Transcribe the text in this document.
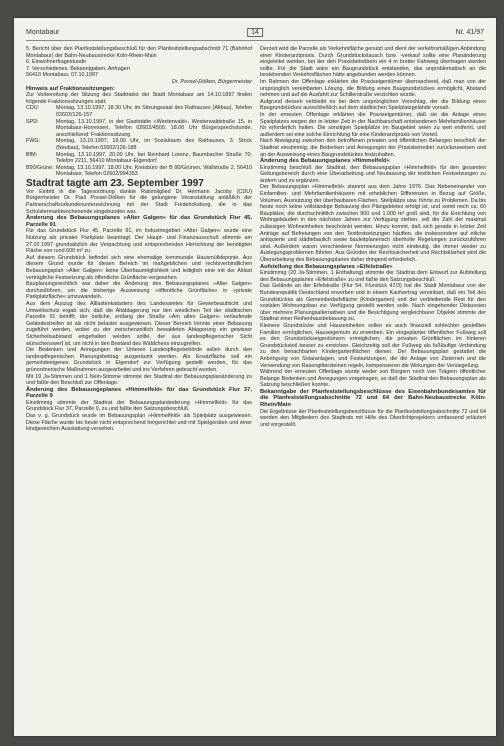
Montabaur	14	Nr. 41/97

5. Bericht über den Planfeststellungsbeschluß für den Planfeststellungsabschnitt 71 (Bahnhof Montabaur) der Bahn-Neubaustrecke Köln-Rhein-Main

6. Einwohnerfragestunde

7. Verschiedenes, Bekanntgaben, Anfragen

56410 Montabaur, 07.10.1997

Dr. Possel-Dölken, Bürgermeister

Hinweis auf Fraktionssitzungen:

Zur Vorbereitung der Sitzung des Stadtrates der Stadt Montabaur am 14.10.1997 finden folgende Fraktionssitzungen statt:

CDU:	Montag, 13.10.1997, 18.30 Uhr, im Sitzungssaal des Rathauses (Altbau), Telefon 02602/126-157
SPD:	Montag, 13.10.1997, in der Gaststätte »Westerwald«, Westerwaldstraße 15, in Montabaur-Horressen, Telefon 02602/4500, 18.00 Uhr Bürgersprechstunde, anschließend: Fraktionssitzung
FWG:	Montag, 13.10.1997, 19.00 Uhr, im Sozialraum des Rathauses, 3. Stock (Neubau), Telefon 02602/126-188
BfM:	Montag, 13.10.1997, 20.00 Uhr, bei Reinhard Lorenz, Baumbacher Straße 70, Telefon 2211, 56410 Montabaur-Elgendorf
B90/Grüne: Montag, 13.10.1997, 18.00 Uhr, Kreisbüro der B 90/Grünen, Wallstraße 2, 56410 Montabaur, Telefon 02602/994353

Stadtrat tagte am 23. September 1997

Vor Eintritt in die Tagesordnung dankte Ratsmitglied Dr. Hermann Jacoby (CDU) Bürgermeister Dr. Paul Possel-Dölken für die gelungene Veranstaltung anläßlich der Partnerschaftsurkundenunterzeichnung mit der Stadt Fredericksburg, die in das Schulstermarktwochenende eingebunden war.

Änderung des Bebauungsplanes »Alter Galgen« für das Grundstück Flur 45, Parzelle 91

Für das Grundstück Flur 45, Parzelle 91, im Industriegebiet »Alter Galgen« wurde eine Nutzung als privater Parkplatz beantragt. Der Haupt- und Finanzausschuß stimmte am 27.02.1997 grundsätzlich der Verpachtung und entsprechenden Herrichtung der benötigten Fläche von rund 600 m² zu.

Auf diesem Grundstück befindet sich eine ehemalige kommunale Hausmülldeponie. Aus diesem Grund wurde für diesen Bereich im maßgeblichen und rechtsverbindlichen Bebauungsplan »Alter Galgen« keine Überbaumöglichkeit und lediglich eine mit der Altlast verträgliche Festsetzung als öffentliche Grünfläche vorgesehen.

Bauplanungsrechtlich war daher die Änderung des Bebauungsplanes »Alter Galgen« durchzuführen, um die bisherige Ausweisung »öffentliche Grünfläche« in »private Parkplatzfläche« umzuwandeln.

Aus dem Auszug des Altlastenkatasters des Landesamtes für Gewerbeaufsicht und Umweltschutz ergab sich, daß die Altablagerung nur den westlichen Teil der städtischen Parzelle 91 betrifft; der östliche, entlang der Straße »Am alten Galgen« verlaufende Geländestreifen ist als nicht belastet ausgewiesen. Dieser Bereich könnte einer Bebauung zugeführt werden, wobei zu der zwischenzeitlich bewaldeten Ablagerung ein gewisser Sicherheitsabstand eingehalten werden sollte, der aus landespflegerischer Sicht wünschenswert ist, um nicht in den Bestand des Wäldchens einzugreifen.

Die Bedenken und Anregungen der Unteren Landespflegebehörde sollen durch den landespflegerischen Planungsbeitrag ausgeräumt werden. Als Ersatzfläche soll ein gemeindeeigenes Grundstück in Elgendorf zur Verfügung gestellt werden, für das grünordnerische Maßnahmen ausgearbeitet und ins Verfahren gebracht wurden.

Mit 19 Ja-Stimmen und 1 Nein-Stimme stimmte der Stadtrat der Bebauungsplanänderung zu und faßte den Beschluß zur Offenlage.

Änderung des Bebauungsplanes »Himmelfeld« für das Grundstück Flur 37, Parzelle 9

Einstimmig stimmte der Stadtrat der Bebauungsplanänderung »Himmelfeld« für das Grundstück Flur 37, Parzelle 9, zu und faßte den Satzungsbeschluß.

Das v. g. Grundstück wurde im Bebauungsplan »Himmelfeld« als Spielplatz ausgewiesen. Diese Fläche wurde bis heute nicht entsprechend hergerichtet und mit Spielgeräten und einer kindgerechten Ausstattung versehen.

Derzeit wird die Parzelle als Verkehrsfläche genutzt und dient der verkehrsmäßigen Anbindung einer Kinderarztpraxis. Durch Grundstückstausch bzw. -verkauf sollte eine Planänderung eingeleitet werden, bei der den Praxisbetreibern ein 4 m breiter Fahrweg übertragen werden sollte. Für die Stadt wäre ein Baugrundstück entstanden, das unproblematisch an die bestehenden Verkehrsflächen hätte angebunden werden können.

Im Rahmen der Offenlage erklärten die Praxiseigentümer überraschend, daß man von der ursprünglich vereinbarten Lösung, die Bildung eines Baugrundstückes ermöglicht, Abstand nehmen und auf die Ausfahrt zur Schillerstraße verzichten würde.

Aufgrund dessen verbleibt es bei dem ursprünglichen Vorschlag, der die Bildung eines Baugrundstückes ausschließlich auf dem städtischen Spielplatzgelände vorsah.

In der erneuten Offenlage erklärten die Praxiseigentümer, daß sie die Anlage eines Spielplatzes wegen der in letzter Zeit in der Nachbarschaft entstandenen Mehrfamilienhäuser für erforderlich halten. Die sonstigen Spielplätze im Baugebiet seien zu weit entfernt, und außerdem sei eine solche Einrichtung für eine Kinderarztpraxis von Vorteil.

Nach Abwägung zwischen den betroffenen privaten und öffentlichen Belangen beschloß der Stadtrat einstimmig, die Bedenken und Anregungen der Praxisbetreiber zurückzuweisen und an der Ausweisung eines Baugrundstückes festzuhalten.

Änderung des Bebauungsplanes »Himmelfeld«

Einstimmig beschloß der Stadtrat, den Bebauungsplan »Himmelfeld« für den gesamten Geltungsbereich durch eine Überarbeitung und Neufassung der textlichen Festsetzungen zu ändern und zu ergänzen.

Der Bebauungsplan »Himmelfeld« stammt aus dem Jahre 1976. Das Nebeneinander von Einfamilien- und Mehrfamilienhäusern mit erheblichen Differenzen in Bezug auf Größe, Volumen, Ausnutzung der überbaubaren Flächen, Stellplätze usw. führte zu Problemen. Da bis heute noch keine vollständige Bebauung des Plangebietes erfolgt ist, und somit noch ca. 60 Bauplätze, die durchschnittlich zwischen 900 und 1.000 m² groß sind, für die Errichtung von Wohngebäuden in den nächsten Jahren zur Verfügung stehen, soll die Zahl der maximal zulässigen Wohneinheiten beschränkt werden. Hinzu kommt, daß sich gerade in letzter Zeit Anträge auf Befreiungen von den Textfestsetzungen häuften, die insbesondere auf etliche antiquierte und städtebaulich sowie bauleitplanerisch überholte Regelungen zurückzuführen sind. Außerdem waren verschiedene Normierungen nicht eindeutig, die immer wieder zu Auslegungsproblemen führten. Aus Gründen der Rechtssicherheit und Rechtsklarheit wird die Überarbeitung des Bebauungsplanes daher dringend erforderlich.

Aufstellung des Bebauungsplanes »Eifelstraße«

Einstimmig (20 Ja-Stimmen, 1 Enthaltung) stimmte der Stadtrat dem Entwurf zur Aufstellung des Bebauungsplanes »Eifelstraße« zu und faßte den Satzungsbeschluß.

Das Gelände an der Eifelstraße (Flur 54, Flurstück 47/3) hat die Stadt Montabaur von der Bundesrepublik Deutschland erworben und in einem Kaufvertrag vereinbart, daß ein Teil des Grundstückes als Gemeinbedarfsfläche (Kindergarten) und der verbleibende Rest für den sozialen Wohnungsbau zur Verfügung gestellt werden solle. Nach eingehender Diskussion über mehrere Planungsalternativen und die Besichtigung vergleichbarer Objekte stimmte der Stadtrat einer Reihenhausbebauung zu.

Kleinere Grundstücke und Hauseinheiten sollen es auch finanziell schlechter gestellten Familien ermöglichen, Hauseigentum zu erwerben. Ein eingeplanter öffentlicher Fußweg soll es den Grundstückseigentümern ermöglichen, die privaten Grünflächen im hinteren Grundstücksteil besser zu erreichen. Gleichzeitig soll der Fußweg als fußläufige Verbindung zu den benachbarten Kindergartenflächen dienen. Der Bebauungsplan gestattet die Anbringung von Solaranlagen, und Festsetzungen, die die Anlage von Zisternen und die Verwendung von Rasengittersteinen regeln, kompensieren die Wirkungen der Versiegelung.

Während der erneuten Offenlage wurde weder von Bürgern noch von Trägern öffentlicher Belange Bedenken und Anregungen vorgetragen, so daß der Stadtrat den Bebauungsplan als Satzung beschließen konnte.

Bekanntgabe der Planfeststellungsbeschlüsse des Eisenbahnbundesamtes für die Planfeststellungsabschnitte 72 und 64 der Bahn-Neubaustrecke Köln-Rhein/Main

Die Ergebnisse der Planfeststellungsbeschlüsse für die Planfeststellungsabschnitte 72 und 64 werden den Mitgliedern des Stadtrats mit Hilfe des Oberlichtprojektors umfassend erläutert und vorgestellt.
